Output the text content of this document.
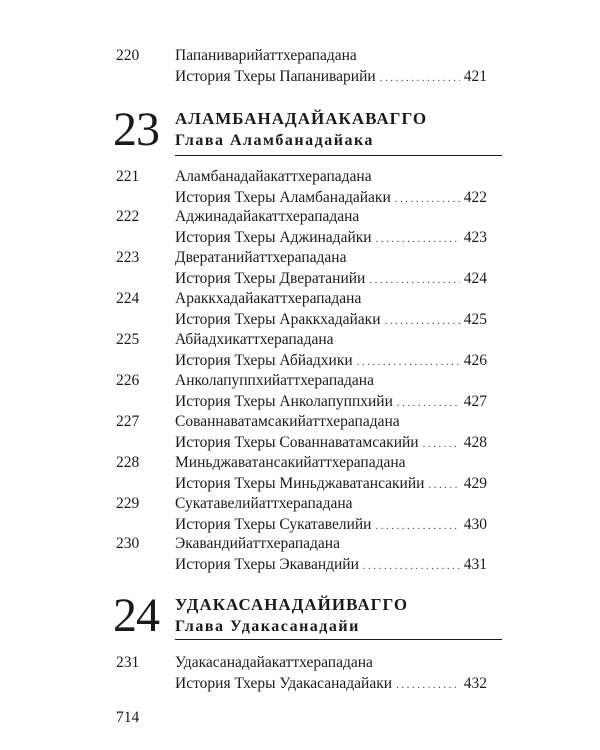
220 Папаниварийаттхерападана
История Тхеры Папаниварийи .....	421
23 АЛАМБАНАДАЙАКАВАГГО
Глава Аламбанадайака
221 Аламбанадайакаттхерападана
История Тхеры Аламбанадайаки .....	422
222 Аджинадайакаттхерападана
История Тхеры Аджинадайки .....	423
223 Двератанийаттхерападана
История Тхеры Двератанийи .....	424
224 Араккхадайакаттхерападана
История Тхеры Араккхадайаки .....	425
225 Абйадхикаттхерападана
История Тхеры Абйадхики .....	426
226 Анколапуппхийаттхерападана
История Тхеры Анколапуппхийи .....	427
227 Сованнаватамсакийаттхерападана
История Тхеры Сованнаватамсакийи .....	428
228 Миньджаватансакийаттхерападана
История Тхеры Миньджаватансакийи .....	429
229 Сукатавелийаттхерападана
История Тхеры Сукатавелийи .....	430
230 Экавандийаттхерападана
История Тхеры Экавандийи .....	431
24 УДАКАСАНАДАЙИВАГГО
Глава Удакасанадайи
231 Удакасанадайакаттхерападана
История Тхеры Удакасанадайаки .....	432
714
